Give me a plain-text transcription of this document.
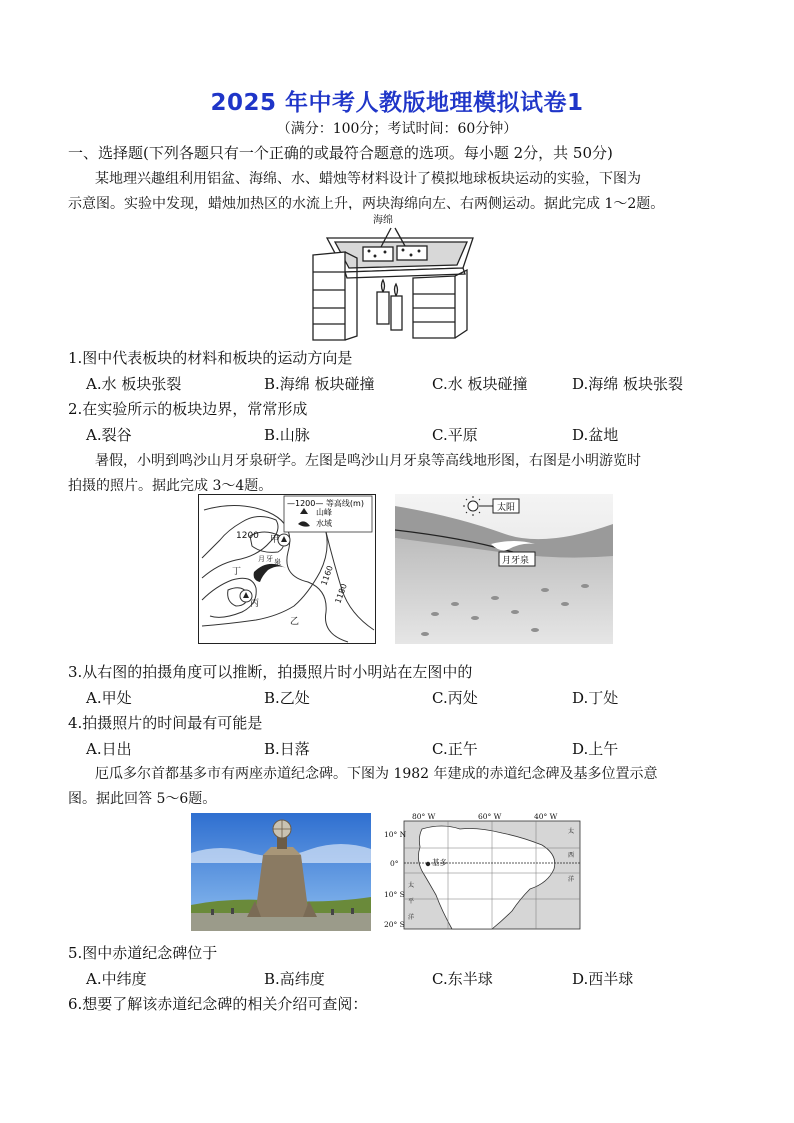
2025 年中考人教版地理模拟试卷1
（满分：100分；考试时间：60分钟）
一、选择题(下列各题只有一个正确的或最符合题意的选项。每小题 2分，共 50分)
某地理兴趣组利用铝盆、海绵、水、蜡烛等材料设计了模拟地球板块运动的实验，下图为
示意图。实验中发现，蜡烛加热区的水流上升，两块海绵向左、右两侧运动。据此完成 1～2题。
海绵
1.图中代表板块的材料和板块的运动方向是
A.水 板块张裂	B.海绵 板块碰撞	C.水 板块碰撞	D.海绵 板块张裂
2.在实验所示的板块边界，常常形成
A.裂谷	B.山脉	C.平原	D.盆地
暑假，小明到鸣沙山月牙泉研学。左图是鸣沙山月牙泉等高线地形图，右图是小明游览时
拍摄的照片。据此完成 3～4题。
—1200— 等高线(m)
山峰
水域
1200 甲
月 牙 泉
丁
丙
乙
1160
1180
太阳
月牙泉
3.从右图的拍摄角度可以推断，拍摄照片时小明站在左图中的
A.甲处	B.乙处	C.丙处	D.丁处
4.拍摄照片的时间最有可能是
A.日出	B.日落	C.正午	D.上午
厄瓜多尔首都基多市有两座赤道纪念碑。下图为 1982 年建成的赤道纪念碑及基多位置示意
图。据此回答 5～6题。
80° W	60° W	40° W
10° N
0°
10° S
20° S
基多
太
西
洋
太
平
洋
5.图中赤道纪念碑位于
A.中纬度	B.高纬度	C.东半球	D.西半球
6.想要了解该赤道纪念碑的相关介绍可查阅：
